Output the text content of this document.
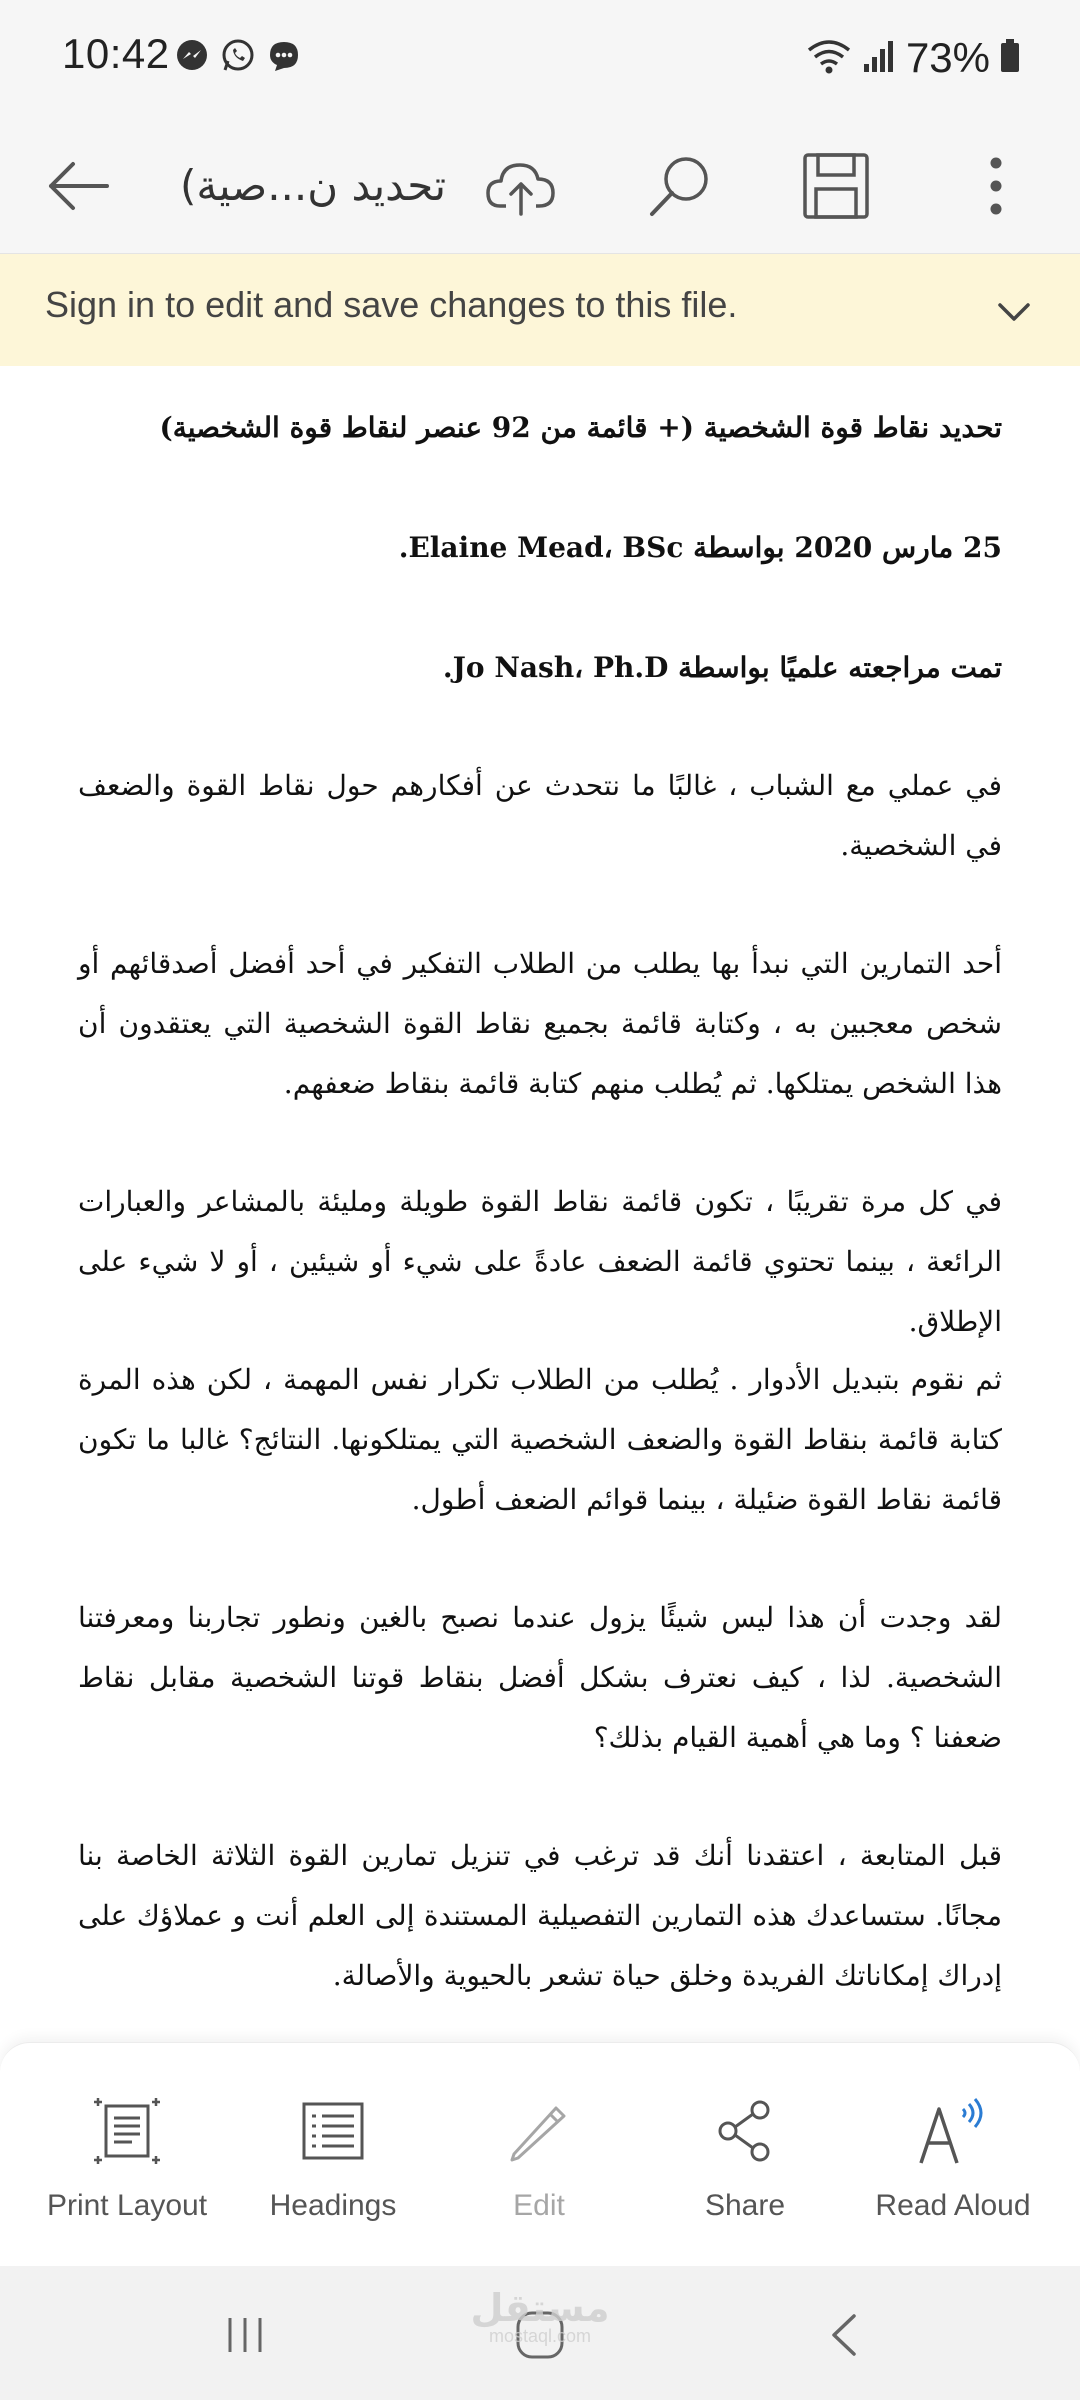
10:42	73%
تحديد ن...صية)
Sign in to edit and save changes to this file.

تحديد نقاط قوة الشخصية (+ قائمة من 92 عنصر لنقاط قوة الشخصية)

25 مارس 2020 بواسطة Elaine Mead، BSc.

تمت مراجعته علميًا بواسطة Jo Nash، Ph.D.

في عملي مع الشباب ، غالبًا ما نتحدث عن أفكارهم حول نقاط القوة والضعف في الشخصية.

أحد التمارين التي نبدأ بها يطلب من الطلاب التفكير في أحد أفضل أصدقائهم أو شخص معجبين به ، وكتابة قائمة بجميع نقاط القوة الشخصية التي يعتقدون أن هذا الشخص يمتلكها. ثم يُطلب منهم كتابة قائمة بنقاط ضعفهم.

في كل مرة تقريبًا ، تكون قائمة نقاط القوة طويلة ومليئة بالمشاعر والعبارات الرائعة ، بينما تحتوي قائمة الضعف عادةً على شيء أو شيئين ، أو لا شيء على الإطلاق.

ثم نقوم بتبديل الأدوار . يُطلب من الطلاب تكرار نفس المهمة ، لكن هذه المرة كتابة قائمة بنقاط القوة والضعف الشخصية التي يمتلكونها. النتائج؟ غالبا ما تكون قائمة نقاط القوة ضئيلة ، بينما قوائم الضعف أطول.

لقد وجدت أن هذا ليس شيئًا يزول عندما نصبح بالغين ونطور تجاربنا ومعرفتنا الشخصية. لذا ، كيف نعترف بشكل أفضل بنقاط قوتنا الشخصية مقابل نقاط ضعفنا ؟ وما هي أهمية القيام بذلك؟

قبل المتابعة ، اعتقدنا أنك قد ترغب في تنزيل تمارين القوة الثلاثة الخاصة بنا مجانًا. ستساعدك هذه التمارين التفصيلية المستندة إلى العلم أنت و عملاؤك على إدراك إمكاناتك الفريدة وخلق حياة تشعر بالحيوية والأصالة.

Print Layout Headings	Edit	Share	Read Aloud
مستقل
mostaql.com
